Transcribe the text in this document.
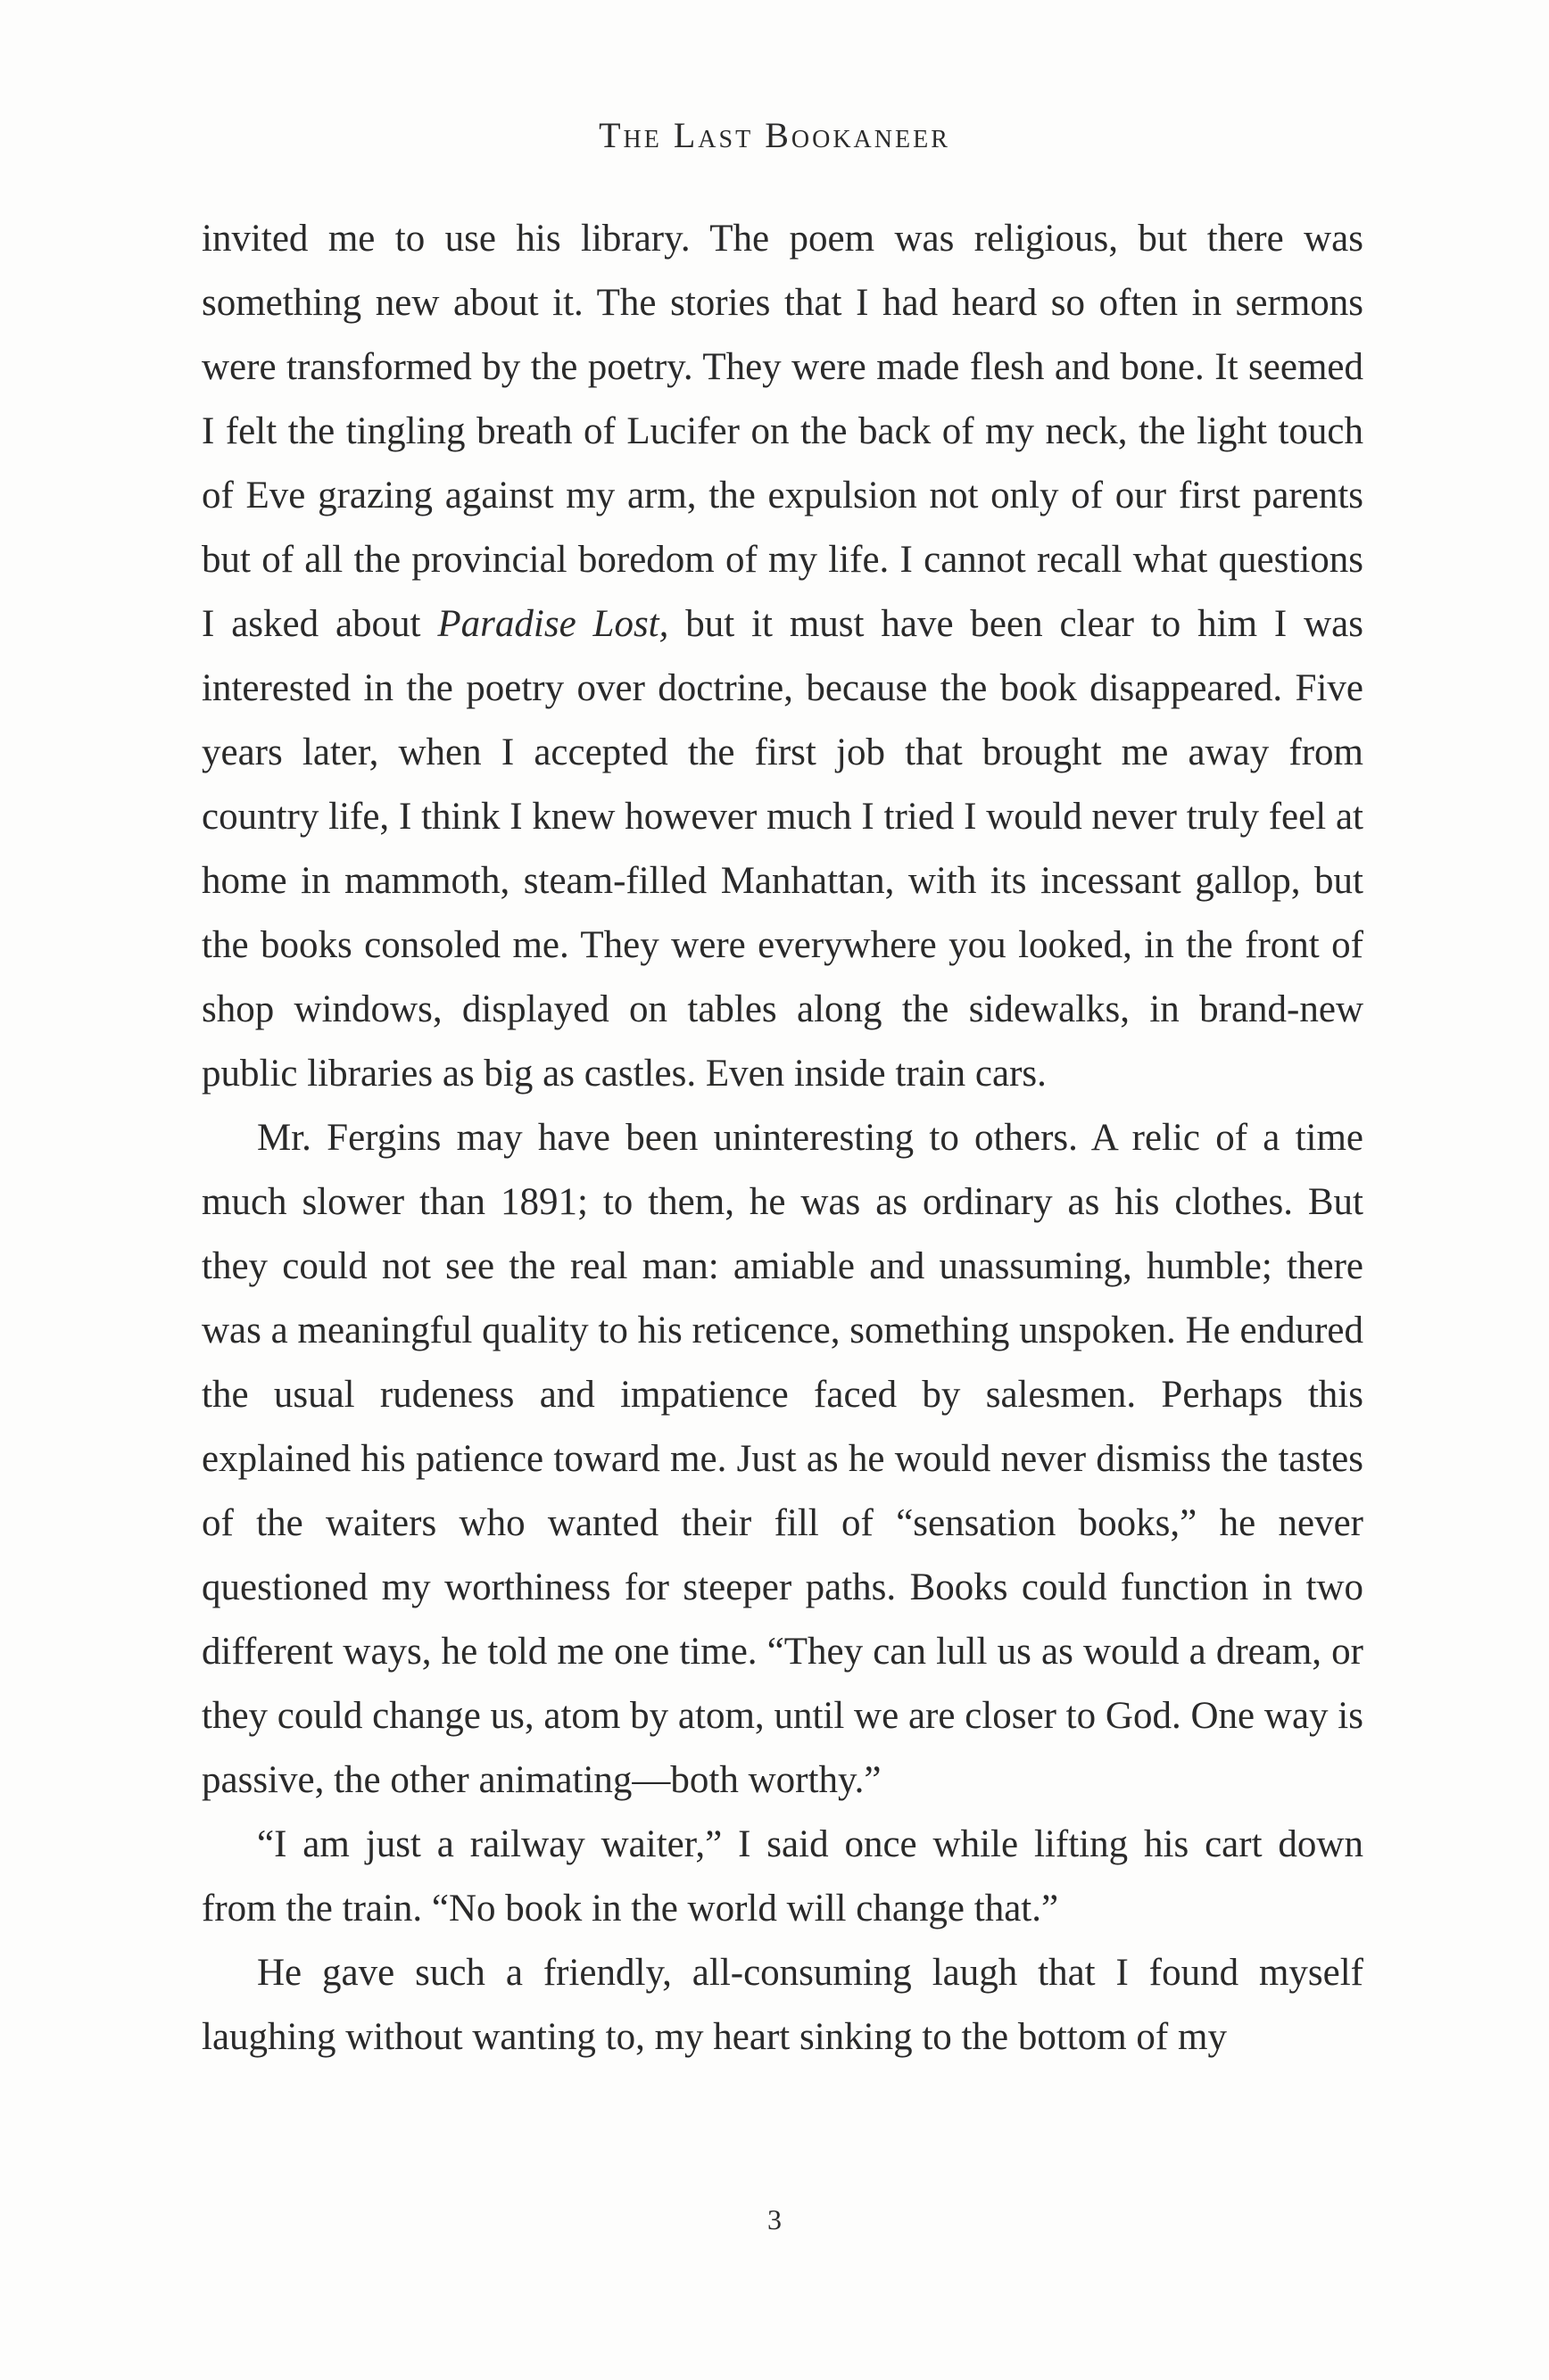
The Last Bookaneer

invited me to use his library. The poem was religious, but there was something new about it. The stories that I had heard so often in sermons were transformed by the poetry. They were made flesh and bone. It seemed I felt the tingling breath of Lucifer on the back of my neck, the light touch of Eve grazing against my arm, the expulsion not only of our first parents but of all the provincial boredom of my life. I cannot recall what questions I asked about Paradise Lost, but it must have been clear to him I was interested in the poetry over doctrine, because the book disappeared. Five years later, when I accepted the first job that brought me away from country life, I think I knew however much I tried I would never truly feel at home in mammoth, steam-filled Manhattan, with its incessant gallop, but the books consoled me. They were everywhere you looked, in the front of shop windows, displayed on tables along the sidewalks, in brand-new public libraries as big as castles. Even inside train cars.

Mr. Fergins may have been uninteresting to others. A relic of a time much slower than 1891; to them, he was as ordinary as his clothes. But they could not see the real man: amiable and unassuming, humble; there was a meaningful quality to his reticence, something unspoken. He endured the usual rudeness and impatience faced by salesmen. Perhaps this explained his patience toward me. Just as he would never dismiss the tastes of the waiters who wanted their fill of “sensation books,” he never questioned my worthiness for steeper paths. Books could function in two different ways, he told me one time. “They can lull us as would a dream, or they could change us, atom by atom, until we are closer to God. One way is passive, the other animating—both worthy.”

“I am just a railway waiter,” I said once while lifting his cart down from the train. “No book in the world will change that.”

He gave such a friendly, all-consuming laugh that I found myself laughing without wanting to, my heart sinking to the bottom of my

3
